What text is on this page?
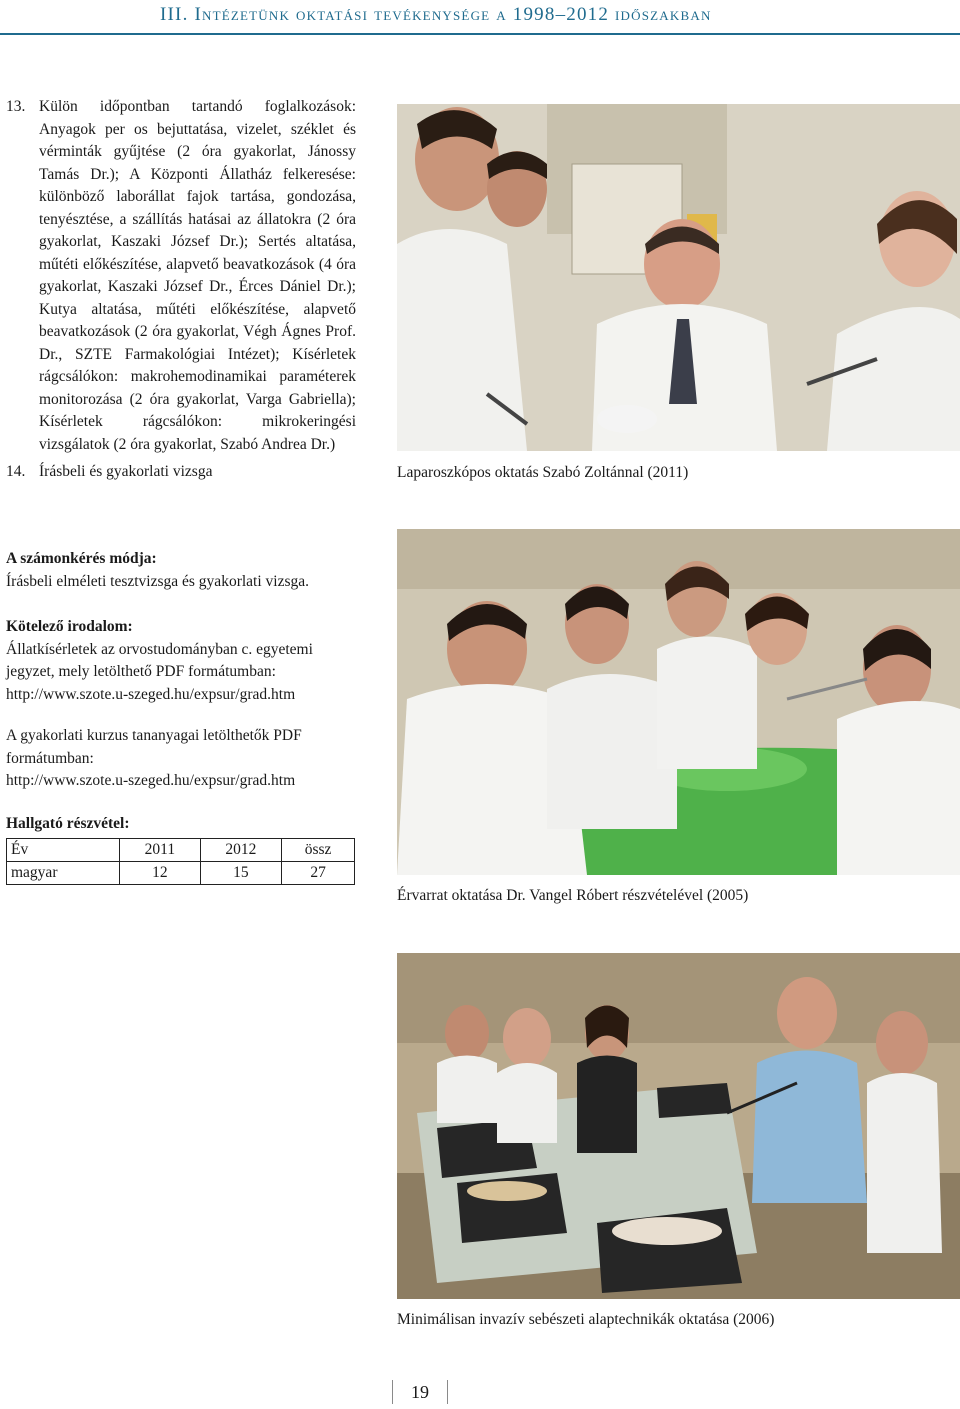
III. Intézetünk oktatási tevékenysége a 1998–2012 időszakban
13. Külön időpontban tartandó foglalkozások: Anyagok per os bejuttatása, vizelet, széklet és vérminták gyűjtése (2 óra gyakorlat, Jánossy Tamás Dr.); A Központi Állatház felkeresése: különböző laborállat fajok tartása, gondozása, tenyésztése, a szállítás hatásai az állatokra (2 óra gyakorlat, Kaszaki József Dr.); Sertés altatása, műtéti előkészítése, alapvető beavatkozások (4 óra gyakorlat, Kaszaki József Dr., Érces Dániel Dr.); Kutya altatása, műtéti előkészítése, alapvető beavatkozások (2 óra gyakorlat, Végh Ágnes Prof. Dr., SZTE Farmakológiai Intézet); Kísérletek rágcsálókon: makrohemodinamikai paraméterek monitorozása (2 óra gyakorlat, Varga Gabriella); Kísérletek rágcsálókon: mikrokeringési vizsgálatok (2 óra gyakorlat, Szabó Andrea Dr.)
14. Írásbeli és gyakorlati vizsga
A számonkérés módja:
Írásbeli elméleti tesztvizsga és gyakorlati vizsga.
Kötelező irodalom:
Állatkísérletek az orvostudományban c. egyetemi jegyzet, mely letölthető PDF formátumban:
http://www.szote.u-szeged.hu/expsur/grad.htm
A gyakorlati kurzus tananyagai letölthetők PDF formátumban:
http://www.szote.u-szeged.hu/expsur/grad.htm
Hallgató részvétel:
Év	2011	2012	össz
magyar	12	15	27
Laparoszkópos oktatás Szabó Zoltánnal (2011)
Érvarrat oktatása Dr. Vangel Róbert részvételével (2005)
Minimálisan invazív sebészeti alaptechnikák oktatása (2006)
19
